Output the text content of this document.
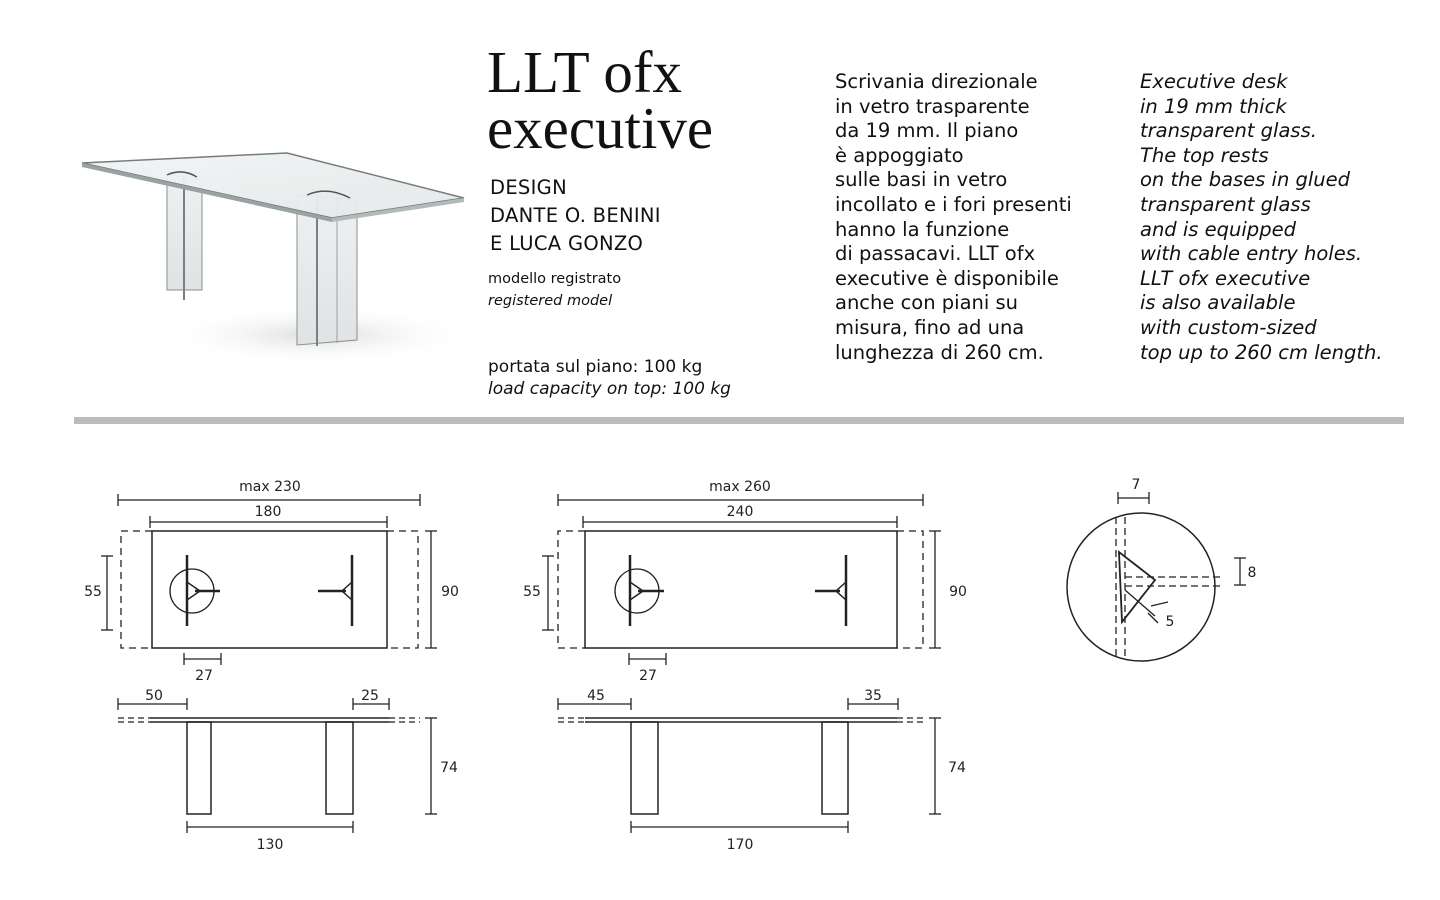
LLT ofx
executive
DESIGN
DANTE O. BENINI
E LUCA GONZO
modello registrato
registered model
portata sul piano: 100 kg
load capacity on top: 100 kg
Scrivania direzionale
in vetro trasparente
da 19 mm. Il piano
è appoggiato
sulle basi in vetro
incollato e i fori presenti
hanno la funzione
di passacavi. LLT ofx
executive è disponibile
anche con piani su
misura, fino ad una
lunghezza di 260 cm.
Executive desk
in 19 mm thick
transparent glass.
The top rests
on the bases in glued
transparent glass
and is equipped
with cable entry holes.
LLT ofx executive
is also available
with custom-sized
top up to 260 cm length.
max 230
180
55	90
27
50	25
74
130
max 260
240
55	90
27
45	35
74
170
7
8
5
